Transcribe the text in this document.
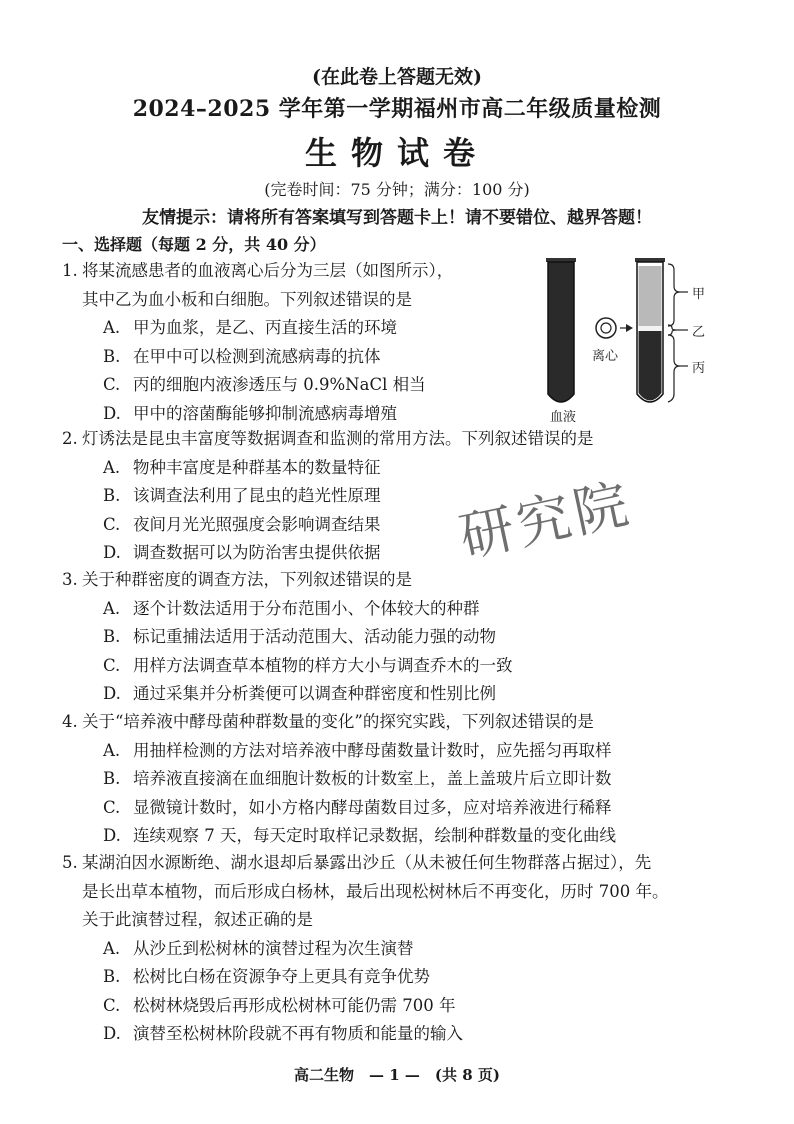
(在此卷上答题无效)
2024–2025 学年第一学期福州市高二年级质量检测
生物试卷
(完卷时间：75 分钟；满分：100 分)
友情提示：请将所有答案填写到答题卡上！请不要错位、越界答题！
一、选择题（每题 2 分，共 40 分）
1. 将某流感患者的血液离心后分为三层（如图所示），
其中乙为血小板和白细胞。下列叙述错误的是
A. 甲为血浆，是乙、丙直接生活的环境
B. 在甲中可以检测到流感病毒的抗体
C. 丙的细胞内液渗透压与 0.9%NaCl 相当
D. 甲中的溶菌酶能够抑制流感病毒增殖	血液
离心
甲
乙
丙
2. 灯诱法是昆虫丰富度等数据调查和监测的常用方法。下列叙述错误的是
A. 物种丰富度是种群基本的数量特征
B. 该调查法利用了昆虫的趋光性原理
C. 夜间月光光照强度会影响调查结果
D. 调查数据可以为防治害虫提供依据	研究院
3. 关于种群密度的调查方法，下列叙述错误的是
A. 逐个计数法适用于分布范围小、个体较大的种群
B. 标记重捕法适用于活动范围大、活动能力强的动物
C. 用样方法调查草本植物的样方大小与调查乔木的一致
D. 通过采集并分析粪便可以调查种群密度和性别比例
4. 关于“培养液中酵母菌种群数量的变化”的探究实践，下列叙述错误的是
A. 用抽样检测的方法对培养液中酵母菌数量计数时，应先摇匀再取样
B. 培养液直接滴在血细胞计数板的计数室上，盖上盖玻片后立即计数
C. 显微镜计数时，如小方格内酵母菌数目过多，应对培养液进行稀释
D. 连续观察 7 天，每天定时取样记录数据，绘制种群数量的变化曲线
5. 某湖泊因水源断绝、湖水退却后暴露出沙丘（从未被任何生物群落占据过），先
是长出草本植物，而后形成白杨林，最后出现松树林后不再变化，历时 700 年。
关于此演替过程，叙述正确的是
A. 从沙丘到松树林的演替过程为次生演替
B. 松树比白杨在资源争夺上更具有竞争优势
C. 松树林烧毁后再形成松树林可能仍需 700 年
D. 演替至松树林阶段就不再有物质和能量的输入
高二生物　— 1 —　(共 8 页)
